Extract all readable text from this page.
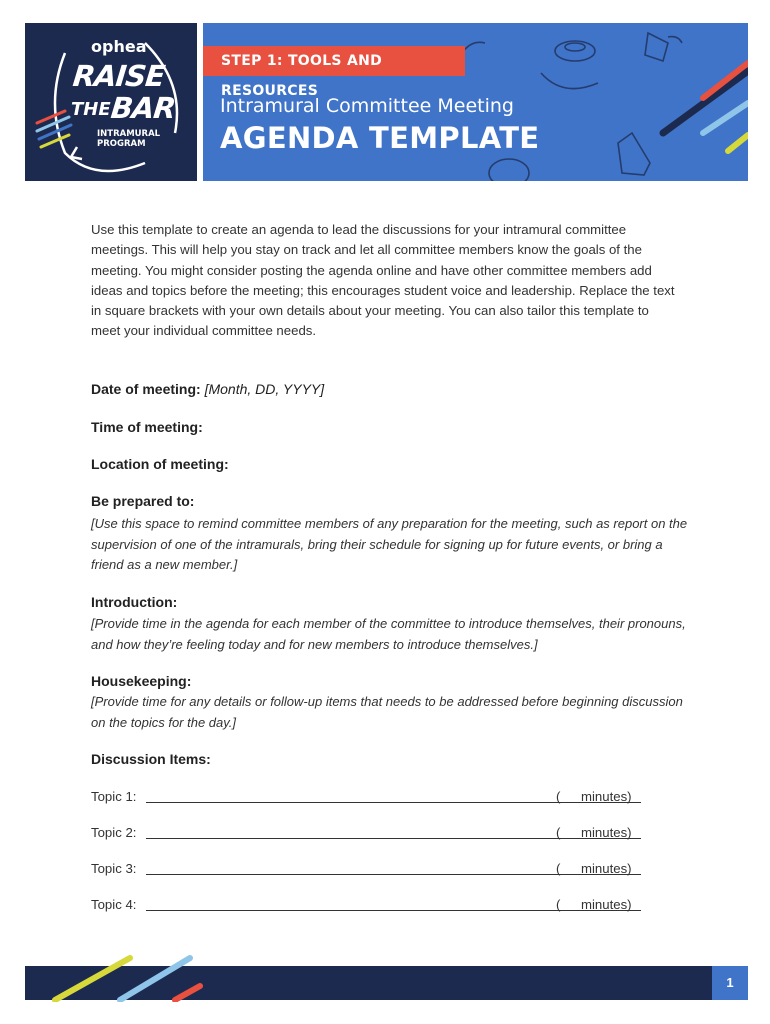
ophea
RAISE
THE
BAR
INTRAMURAL
PROGRAM
STEP 1: TOOLS AND RESOURCES
Intramural Committee Meeting
AGENDA TEMPLATE

Use this template to create an agenda to lead the discussions for your intramural committee meetings. This will help you stay on track and let all committee members know the goals of the meeting. You might consider posting the agenda online and have other committee members add ideas and topics before the meeting; this encourages student voice and leadership. Replace the text in square brackets with your own details about your meeting. You can also tailor this template to meet your individual committee needs.

Date of meeting: [Month, DD, YYYY]
Time of meeting:
Location of meeting:
Be prepared to:

[Use this space to remind committee members of any preparation for the meeting, such as report on the supervision of one of the intramurals, bring their schedule for signing up for future events, or bring a friend as a new member.]

Introduction:

[Provide time in the agenda for each member of the committee to introduce themselves, their pronouns, and how they’re feeling today and for new members to introduce themselves.]

Housekeeping:

[Provide time for any details or follow-up items that needs to be addressed before beginning discussion on the topics for the day.]

Discussion Items:
Topic 1:	( minutes)
Topic 2:	( minutes)
Topic 3:	( minutes)
Topic 4:	( minutes)
1
